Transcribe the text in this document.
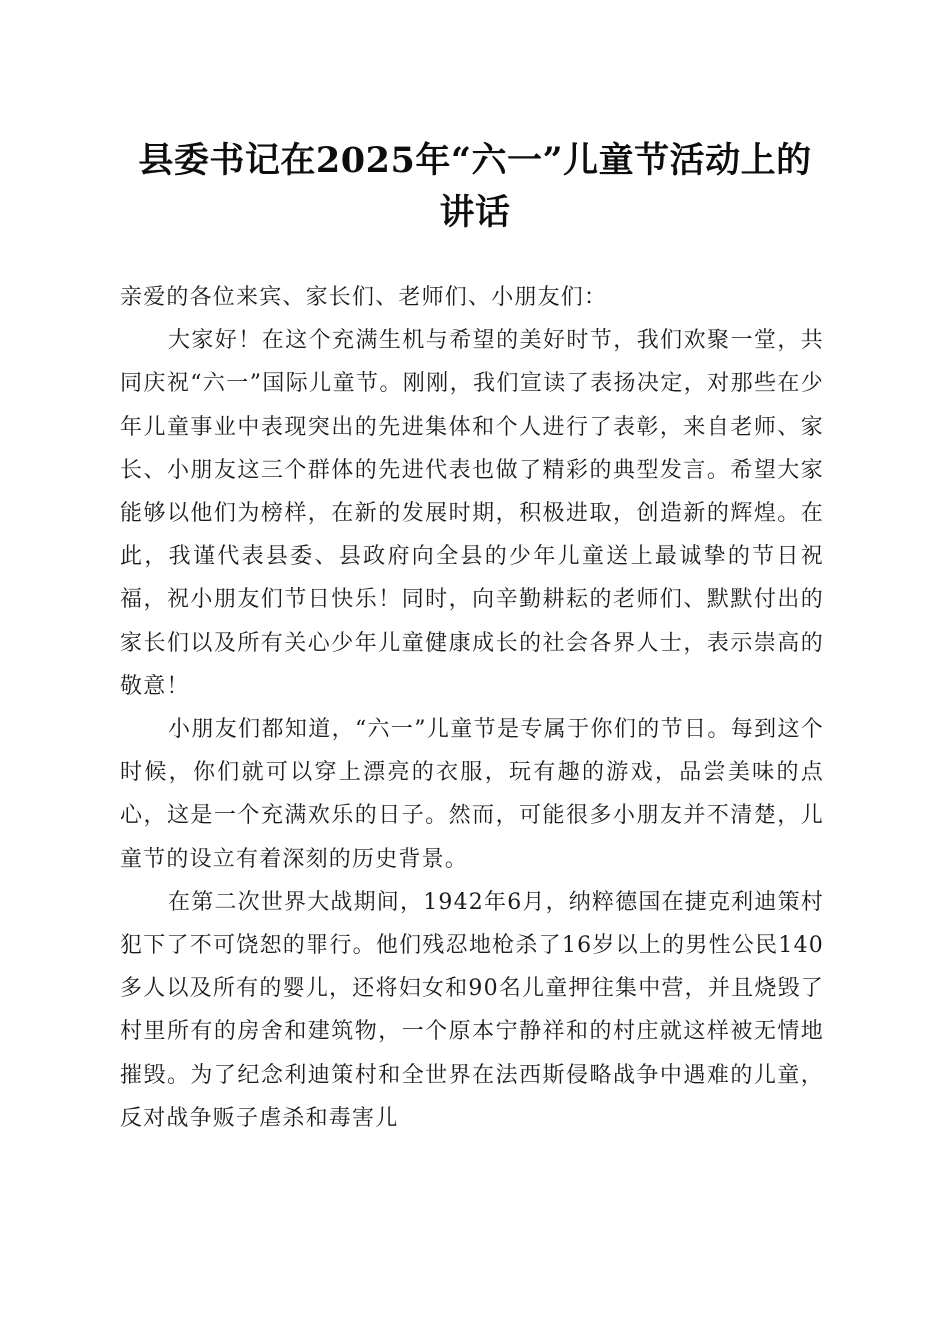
县委书记在2025年“六一”儿童节活动上的
讲话

亲爱的各位来宾、家长们、老师们、小朋友们：

大家好！在这个充满生机与希望的美好时节，我们欢聚一堂，共同庆祝“六一”国际儿童节。刚刚，我们宣读了表扬决定，对那些在少年儿童事业中表现突出的先进集体和个人进行了表彰，来自老师、家长、小朋友这三个群体的先进代表也做了精彩的典型发言。希望大家能够以他们为榜样，在新的发展时期，积极进取，创造新的辉煌。在此，我谨代表县委、县政府向全县的少年儿童送上最诚挚的节日祝福，祝小朋友们节日快乐！同时，向辛勤耕耘的老师们、默默付出的家长们以及所有关心少年儿童健康成长的社会各界人士，表示崇高的敬意！

小朋友们都知道，“六一”儿童节是专属于你们的节日。每到这个时候，你们就可以穿上漂亮的衣服，玩有趣的游戏，品尝美味的点心，这是一个充满欢乐的日子。然而，可能很多小朋友并不清楚，儿童节的设立有着深刻的历史背景。

在第二次世界大战期间，1942年6月，纳粹德国在捷克利迪策村犯下了不可饶恕的罪行。他们残忍地枪杀了16岁以上的男性公民140多人以及所有的婴儿，还将妇女和90名儿童押往集中营，并且烧毁了村里所有的房舍和建筑物，一个原本宁静祥和的村庄就这样被无情地摧毁。为了纪念利迪策村和全世界在法西斯侵略战争中遇难的儿童，反对战争贩子虐杀和毒害儿
